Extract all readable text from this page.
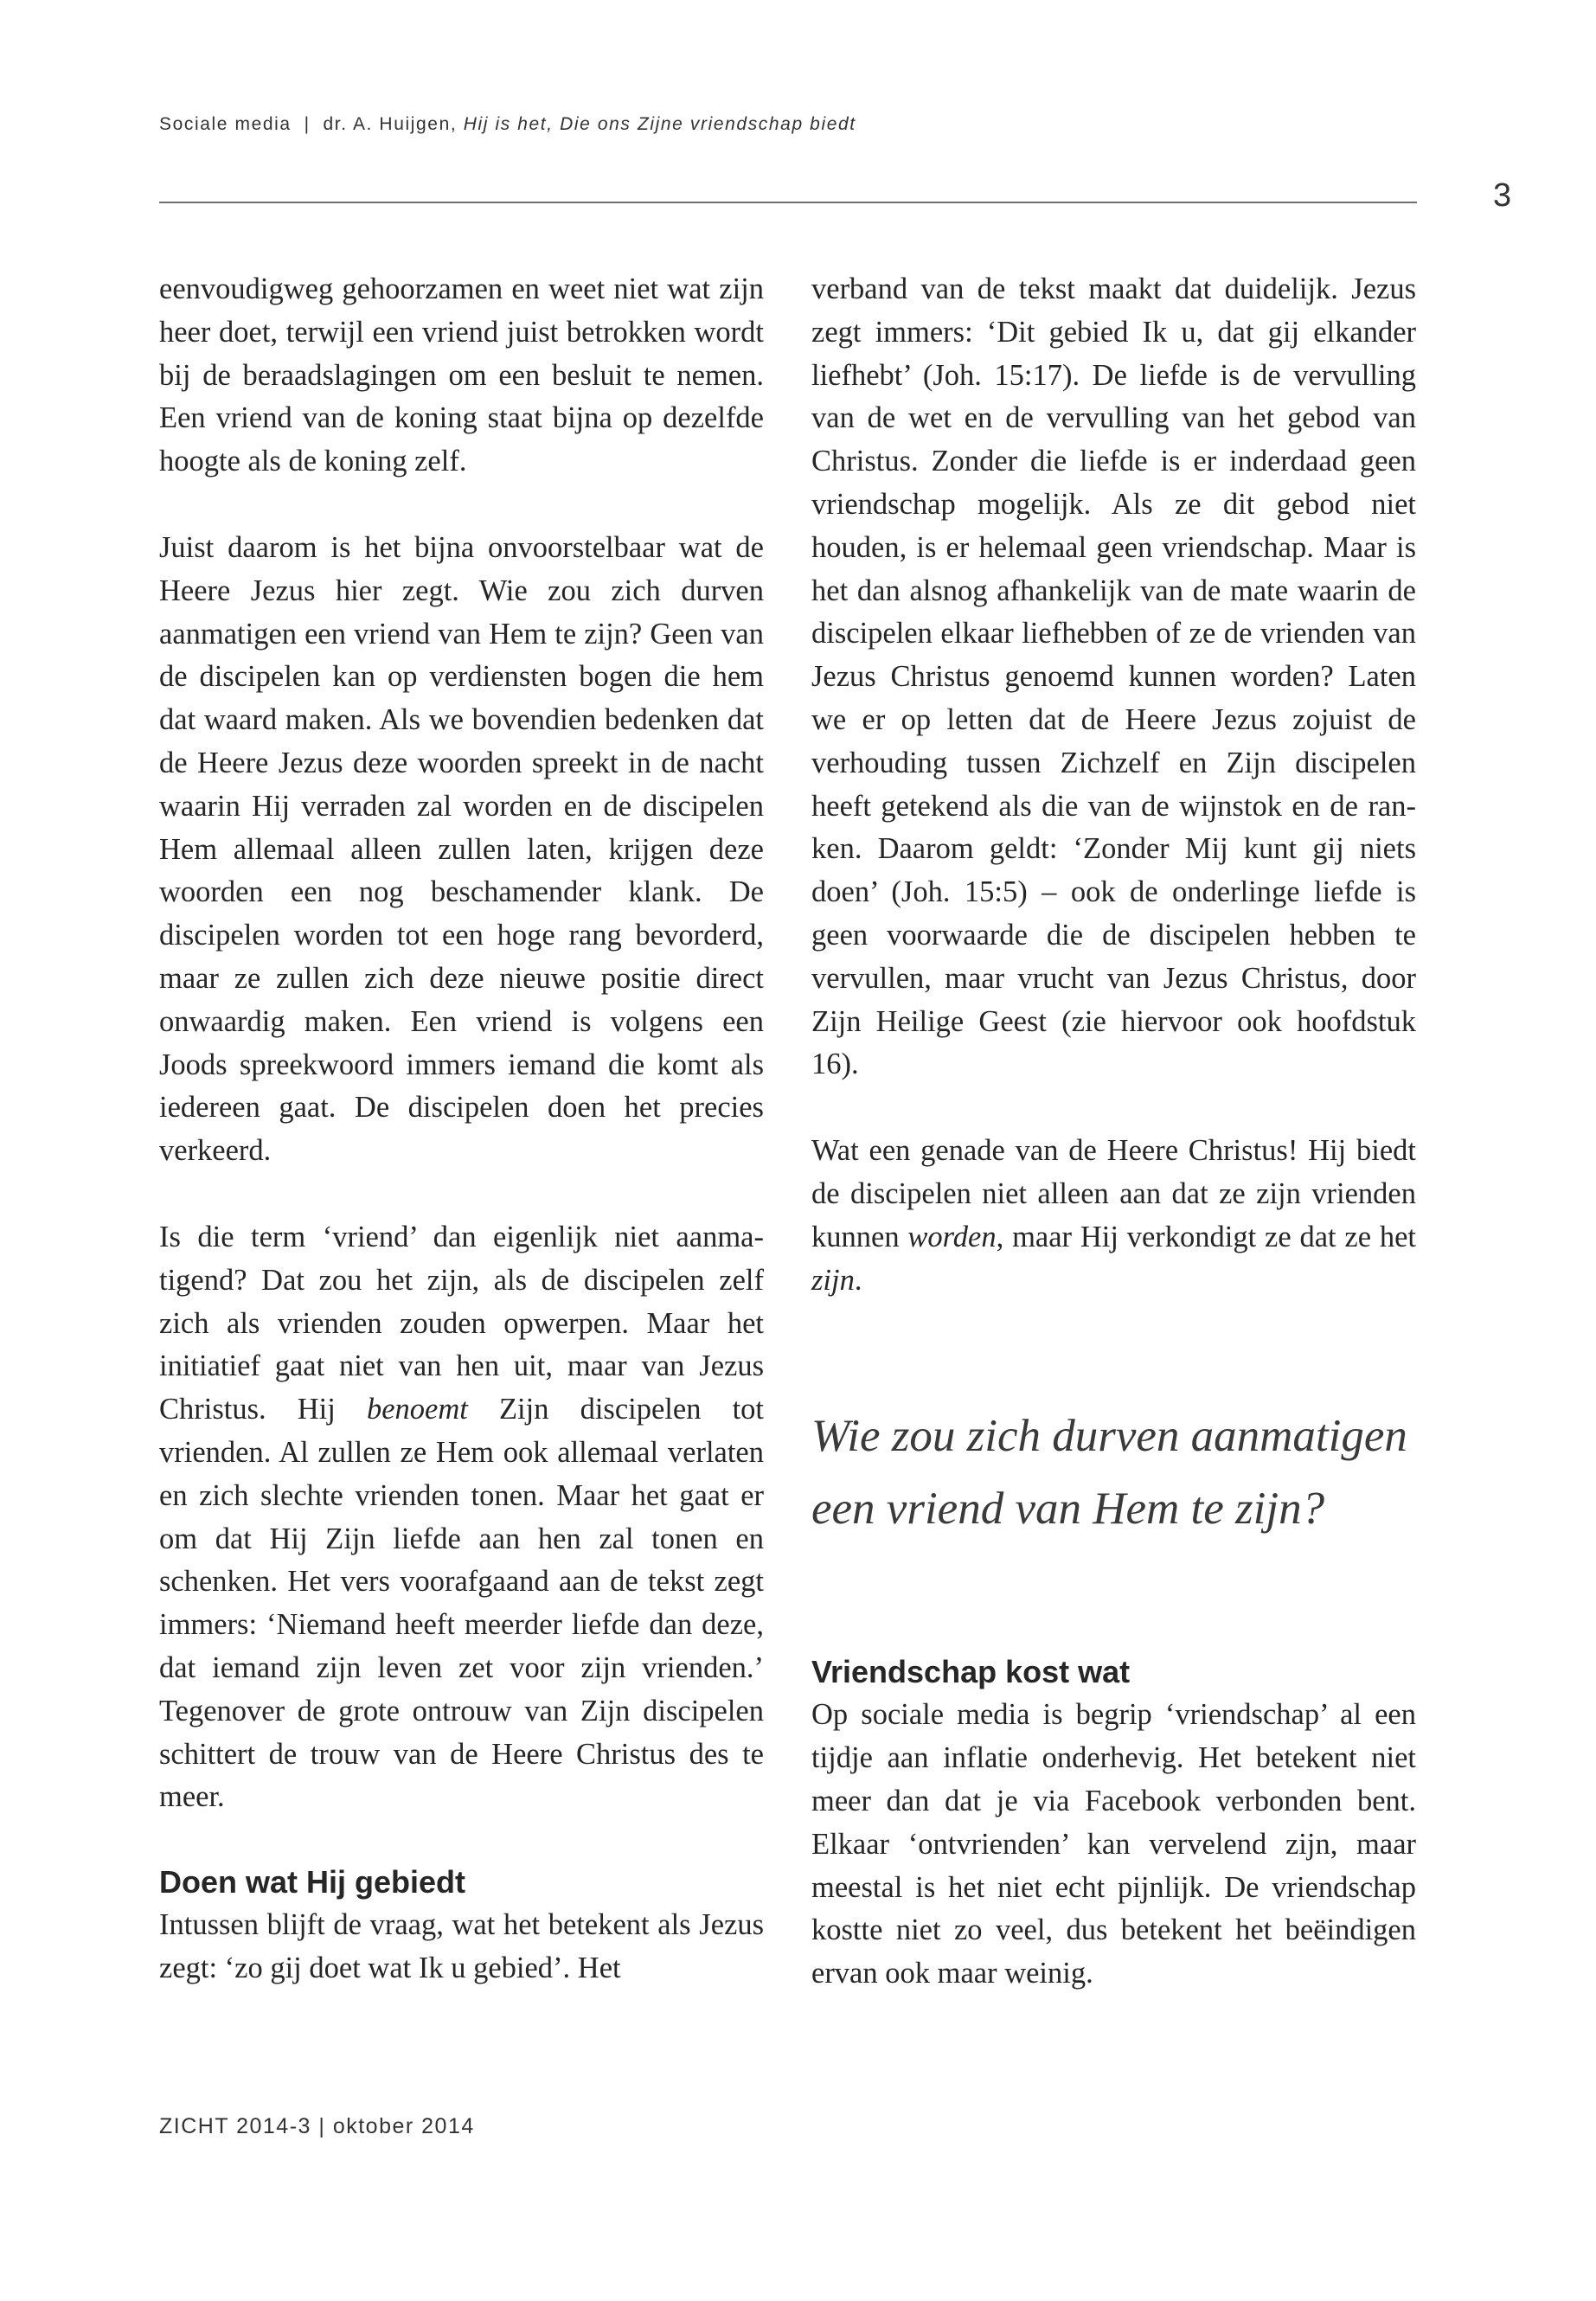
Sociale media | dr. A. Huijgen, Hij is het, Die ons Zijne vriendschap biedt
3

eenvoudigweg gehoorzamen en weet niet wat zijn heer doet, terwijl een vriend juist betrokken wordt bij de beraadslagingen om een besluit te nemen. Een vriend van de koning staat bijna op dezelfde hoogte als de koning zelf.

Juist daarom is het bijna onvoorstelbaar wat de Heere Jezus hier zegt. Wie zou zich durven aanmatigen een vriend van Hem te zijn? Geen van de discipelen kan op verdiensten bogen die hem dat waard maken. Als we bovendien bedenken dat de Heere Jezus deze woorden spreekt in de nacht waarin Hij verraden zal worden en de discipelen Hem allemaal alleen zullen laten, krijgen deze woorden een nog beschamender klank. De discipelen worden tot een hoge rang bevorderd, maar ze zullen zich deze nieuwe positie direct onwaardig maken. Een vriend is volgens een Joods spreekwoord immers iemand die komt als iedereen gaat. De discipelen doen het precies verkeerd.

Is die term ‘vriend’ dan eigenlijk niet aanmatigend? Dat zou het zijn, als de discipelen zelf zich als vrienden zouden opwerpen. Maar het initiatief gaat niet van hen uit, maar van Jezus Christus. Hij benoemt Zijn discipelen tot vrienden. Al zullen ze Hem ook allemaal verlaten en zich slechte vrienden tonen. Maar het gaat er om dat Hij Zijn liefde aan hen zal tonen en schenken. Het vers voorafgaand aan de tekst zegt immers: ‘Niemand heeft meerder liefde dan deze, dat iemand zijn leven zet voor zijn vrienden.’ Tegenover de grote ontrouw van Zijn discipelen schittert de trouw van de Heere Christus des te meer.

Doen wat Hij gebiedt

Intussen blijft de vraag, wat het betekent als Jezus zegt: ‘zo gij doet wat Ik u gebied’. Het

verband van de tekst maakt dat duidelijk. Jezus zegt immers: ‘Dit gebied Ik u, dat gij elkander liefhebt’ (Joh. 15:17). De liefde is de vervulling van de wet en de vervulling van het gebod van Christus. Zonder die liefde is er inderdaad geen vriendschap mogelijk. Als ze dit gebod niet houden, is er helemaal geen vriendschap. Maar is het dan alsnog afhankelijk van de mate waarin de discipelen elkaar liefhebben of ze de vrienden van Jezus Christus genoemd kunnen worden? Laten we er op letten dat de Heere Jezus zojuist de verhouding tussen Zichzelf en Zijn discipelen heeft getekend als die van de wijnstok en de ranken. Daarom geldt: ‘Zonder Mij kunt gij niets doen’ (Joh. 15:5) – ook de onderlinge liefde is geen voorwaarde die de discipelen hebben te vervullen, maar vrucht van Jezus Christus, door Zijn Heilige Geest (zie hiervoor ook hoofdstuk 16).

Wat een genade van de Heere Christus! Hij biedt de discipelen niet alleen aan dat ze zijn vrienden kunnen worden, maar Hij verkondigt ze dat ze het zijn.

Wie zou zich durven aanmatigen een vriend van Hem te zijn?

Vriendschap kost wat

Op sociale media is begrip ‘vriendschap’ al een tijdje aan inflatie onderhevig. Het betekent niet meer dan dat je via Facebook verbonden bent. Elkaar ‘ontvrienden’ kan vervelend zijn, maar meestal is het niet echt pijnlijk. De vriendschap kostte niet zo veel, dus betekent het beëindigen ervan ook maar weinig.

ZICHT 2014-3 | oktober 2014
